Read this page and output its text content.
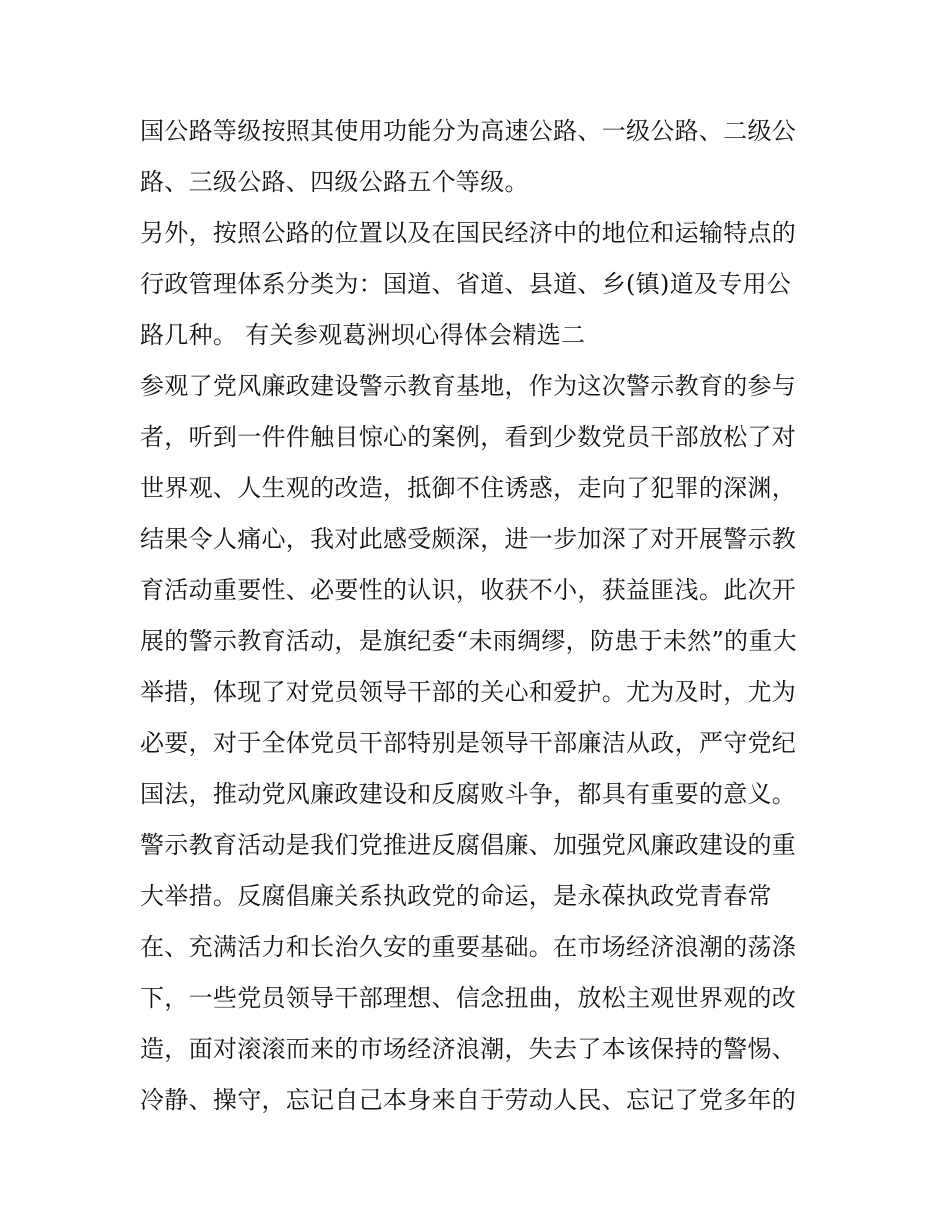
国公路等级按照其使用功能分为高速公路、一级公路、二级公
路、三级公路、四级公路五个等级。
另外，按照公路的位置以及在国民经济中的地位和运输特点的
行政管理体系分类为：国道、省道、县道、乡(镇)道及专用公
路几种。 有关参观葛洲坝心得体会精选二
参观了党风廉政建设警示教育基地，作为这次警示教育的参与
者，听到一件件触目惊心的案例，看到少数党员干部放松了对
世界观、人生观的改造，抵御不住诱惑，走向了犯罪的深渊，
结果令人痛心，我对此感受颇深，进一步加深了对开展警示教
育活动重要性、必要性的认识，收获不小，获益匪浅。此次开
展的警示教育活动，是旗纪委“未雨绸缪，防患于未然”的重大
举措，体现了对党员领导干部的关心和爱护。尤为及时，尤为
必要，对于全体党员干部特别是领导干部廉洁从政，严守党纪
国法，推动党风廉政建设和反腐败斗争，都具有重要的意义。
警示教育活动是我们党推进反腐倡廉、加强党风廉政建设的重
大举措。反腐倡廉关系执政党的命运，是永葆执政党青春常
在、充满活力和长治久安的重要基础。在市场经济浪潮的荡涤
下，一些党员领导干部理想、信念扭曲，放松主观世界观的改
造，面对滚滚而来的市场经济浪潮，失去了本该保持的警惕、
冷静、操守，忘记自己本身来自于劳动人民、忘记了党多年的
